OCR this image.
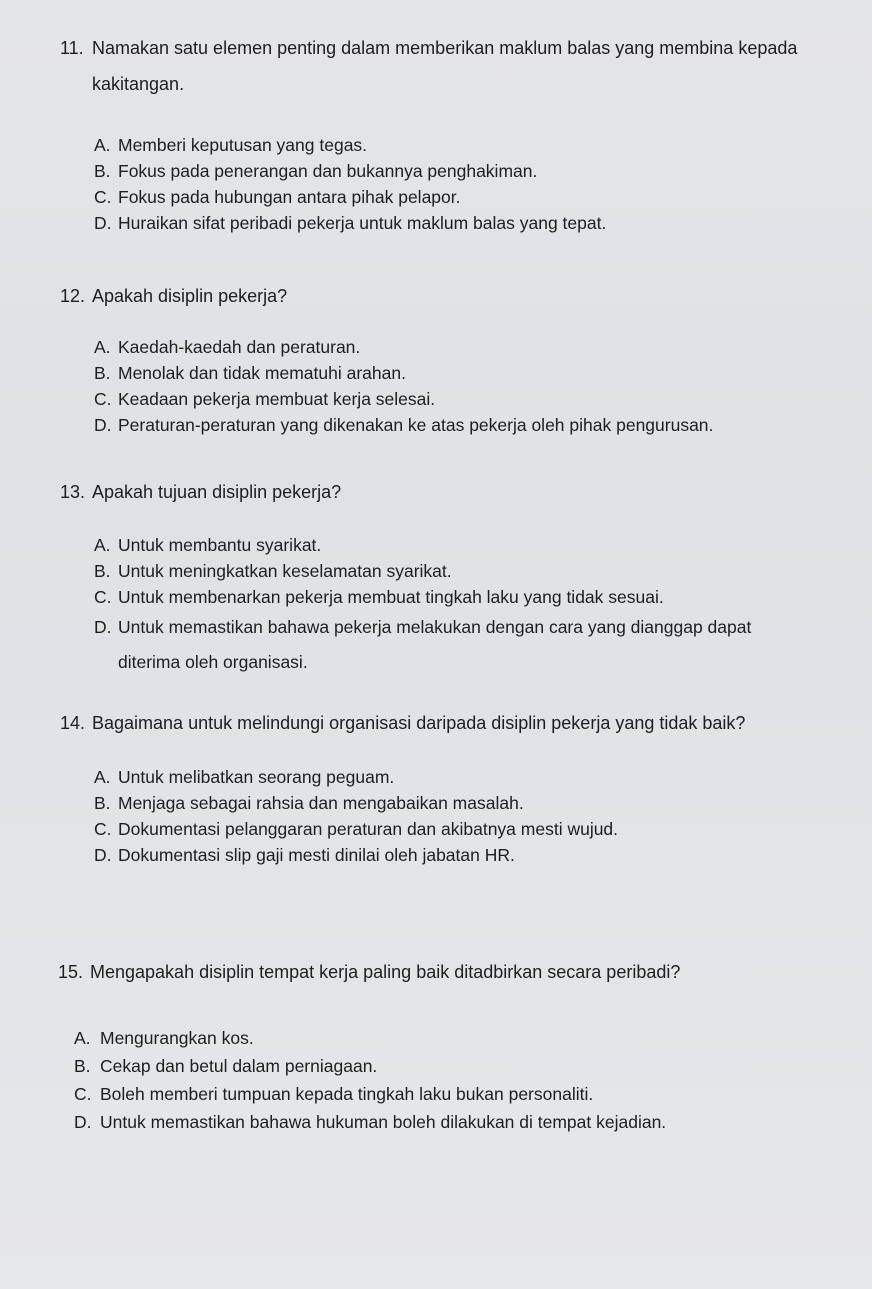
11. Namakan satu elemen penting dalam memberikan maklum balas yang membina kepada kakitangan.
A. Memberi keputusan yang tegas.
B. Fokus pada penerangan dan bukannya penghakiman.
C. Fokus pada hubungan antara pihak pelapor.
D. Huraikan sifat peribadi pekerja untuk maklum balas yang tepat.
12. Apakah disiplin pekerja?
A. Kaedah-kaedah dan peraturan.
B. Menolak dan tidak mematuhi arahan.
C. Keadaan pekerja membuat kerja selesai.
D. Peraturan-peraturan yang dikenakan ke atas pekerja oleh pihak pengurusan.
13. Apakah tujuan disiplin pekerja?
A. Untuk membantu syarikat.
B. Untuk meningkatkan keselamatan syarikat.
C. Untuk membenarkan pekerja membuat tingkah laku yang tidak sesuai.
D. Untuk memastikan bahawa pekerja melakukan dengan cara yang dianggap dapat diterima oleh organisasi.
14. Bagaimana untuk melindungi organisasi daripada disiplin pekerja yang tidak baik?
A. Untuk melibatkan seorang peguam.
B. Menjaga sebagai rahsia dan mengabaikan masalah.
C. Dokumentasi pelanggaran peraturan dan akibatnya mesti wujud.
D. Dokumentasi slip gaji mesti dinilai oleh jabatan HR.
15. Mengapakah disiplin tempat kerja paling baik ditadbirkan secara peribadi?
A. Mengurangkan kos.
B. Cekap dan betul dalam perniagaan.
C. Boleh memberi tumpuan kepada tingkah laku bukan personaliti.
D. Untuk memastikan bahawa hukuman boleh dilakukan di tempat kejadian.
